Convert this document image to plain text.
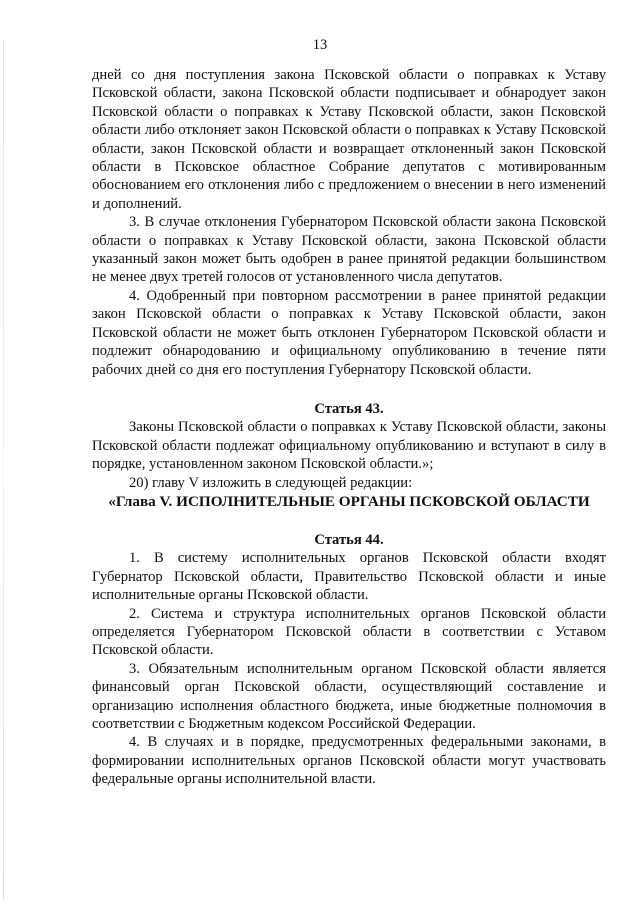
13

дней со дня поступления закона Псковской области о поправках к Уставу Псковской области, закона Псковской области подписывает и обнародует закон Псковской области о поправках к Уставу Псковской области, закон Псковской области либо отклоняет закон Псковской области о поправках к Уставу Псковской области, закон Псковской области и возвращает отклоненный закон Псковской области в Псковское областное Собрание депутатов с мотивированным обоснованием его отклонения либо с предложением о внесении в него изменений и дополнений.

3. В случае отклонения Губернатором Псковской области закона Псковской области о поправках к Уставу Псковской области, закона Псковской области указанный закон может быть одобрен в ранее принятой редакции большинством не менее двух третей голосов от установленного числа депутатов.

4. Одобренный при повторном рассмотрении в ранее принятой редакции закон Псковской области о поправках к Уставу Псковской области, закон Псковской области не может быть отклонен Губернатором Псковской области и подлежит обнародованию и официальному опубликованию в течение пяти рабочих дней со дня его поступления Губернатору Псковской области.

Статья 43.

Законы Псковской области о поправках к Уставу Псковской области, законы Псковской области подлежат официальному опубликованию и вступают в силу в порядке, установленном законом Псковской области.»;

20) главу V изложить в следующей редакции:

«Глава V. ИСПОЛНИТЕЛЬНЫЕ ОРГАНЫ ПСКОВСКОЙ ОБЛАСТИ
Статья 44.

1. В систему исполнительных органов Псковской области входят Губернатор Псковской области, Правительство Псковской области и иные исполнительные органы Псковской области.

2. Система и структура исполнительных органов Псковской области определяется Губернатором Псковской области в соответствии с Уставом Псковской области.

3. Обязательным исполнительным органом Псковской области является финансовый орган Псковской области, осуществляющий составление и организацию исполнения областного бюджета, иные бюджетные полномочия в соответствии с Бюджетным кодексом Российской Федерации.

4. В случаях и в порядке, предусмотренных федеральными законами, в формировании исполнительных органов Псковской области могут участвовать федеральные органы исполнительной власти.
